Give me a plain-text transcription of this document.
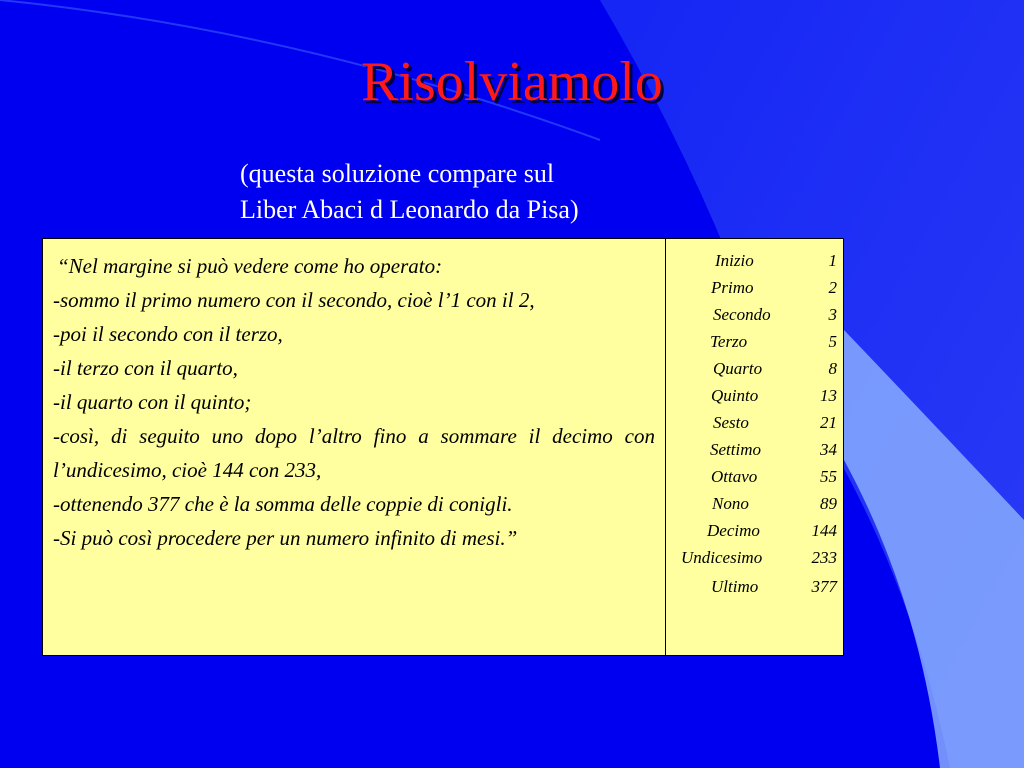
Risolviamolo
(questa soluzione compare sul
Liber Abaci d Leonardo da Pisa)
“Nel margine si può vedere come ho operato:
-sommo il primo numero con il secondo, cioè l’1 con il 2,
-poi il secondo con il terzo,
-il terzo con il quarto,
-il quarto con il quinto;
-così, di seguito uno dopo l’altro fino a sommare il decimo con l’undicesimo, cioè 144 con 233,
-ottenendo 377 che è la somma delle coppie di conigli.
-Si può così procedere per un numero infinito di mesi.”
Inizio	1
Primo	2
Secondo	3
Terzo	5
Quarto	8
Quinto	13
Sesto	21
Settimo	34
Ottavo	55
Nono	89
Decimo	144
Undicesimo	233
Ultimo	377
